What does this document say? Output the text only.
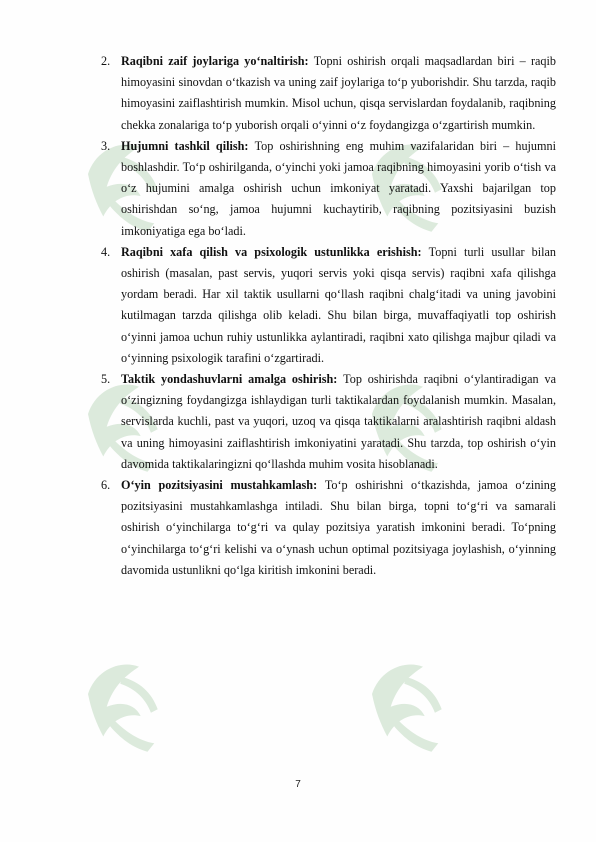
2. Raqibni zaif joylariga yo‘naltirish: Topni oshirish orqali maqsadlardan biri – raqib himoyasini sinovdan o‘tkazish va uning zaif joylariga to‘p yuborishdir. Shu tarzda, raqib himoyasini zaiflashtirish mumkin. Misol uchun, qisqa servislardan foydalanib, raqibning chekka zonalariga to‘p yuborish orqali o‘yinni o‘z foydangizga o‘zgartirish mumkin.
3. Hujumni tashkil qilish: Top oshirishning eng muhim vazifalaridan biri – hujumni boshlashdir. To‘p oshirilganda, o‘yinchi yoki jamoa raqibning himoyasini yorib o‘tish va o‘z hujumini amalga oshirish uchun imkoniyat yaratadi. Yaxshi bajarilgan top oshirishdan so‘ng, jamoa hujumni kuchaytirib, raqibning pozitsiyasini buzish imkoniyatiga ega bo‘ladi.
4. Raqibni xafa qilish va psixologik ustunlikka erishish: Topni turli usullar bilan oshirish (masalan, past servis, yuqori servis yoki qisqa servis) raqibni xafa qilishga yordam beradi. Har xil taktik usullarni qo‘llash raqibni chalg‘itadi va uning javobini kutilmagan tarzda qilishga olib keladi. Shu bilan birga, muvaffaqiyatli top oshirish o‘yinni jamoa uchun ruhiy ustunlikka aylantiradi, raqibni xato qilishga majbur qiladi va o‘yinning psixologik tarafini o‘zgartiradi.
5. Taktik yondashuvlarni amalga oshirish: Top oshirishda raqibni o‘ylantiradigan va o‘zingizning foydangizga ishlaydigan turli taktikalardan foydalanish mumkin. Masalan, servislarda kuchli, past va yuqori, uzoq va qisqa taktikalarni aralashtirish raqibni aldash va uning himoyasini zaiflashtirish imkoniyatini yaratadi. Shu tarzda, top oshirish o‘yin davomida taktikalaringizni qo‘llashda muhim vosita hisoblanadi.
6. O‘yin pozitsiyasini mustahkamlash: To‘p oshirishni o‘tkazishda, jamoa o‘zining pozitsiyasini mustahkamlashga intiladi. Shu bilan birga, topni to‘g‘ri va samarali oshirish o‘yinchilarga to‘g‘ri va qulay pozitsiya yaratish imkonini beradi. To‘pning o‘yinchilarga to‘g‘ri kelishi va o‘ynash uchun optimal pozitsiyaga joylashish, o‘yinning davomida ustunlikni qo‘lga kiritish imkonini beradi.
7
